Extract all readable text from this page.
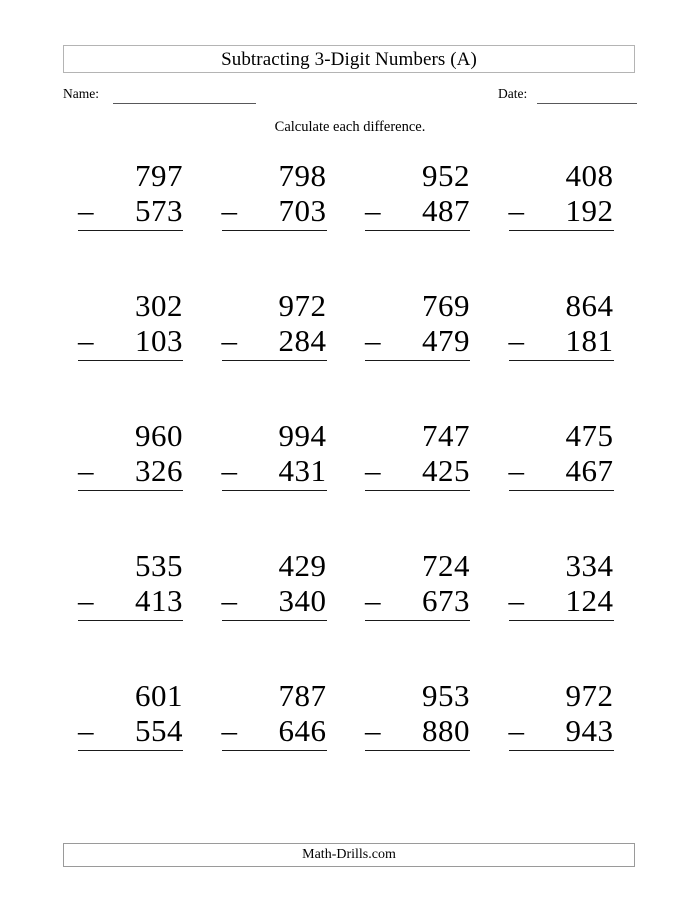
Subtracting 3-Digit Numbers (A)
Name:	Date:
Calculate each difference.
797
– 573
798
– 703
952
– 487
408
– 192
302
– 103
972
– 284
769
– 479
864
– 181
960
– 326
994
– 431
747
– 425
475
– 467
535
– 413
429
– 340
724
– 673
334
– 124
601
– 554
787
– 646
953
– 880
972
– 943
Math-Drills.com
